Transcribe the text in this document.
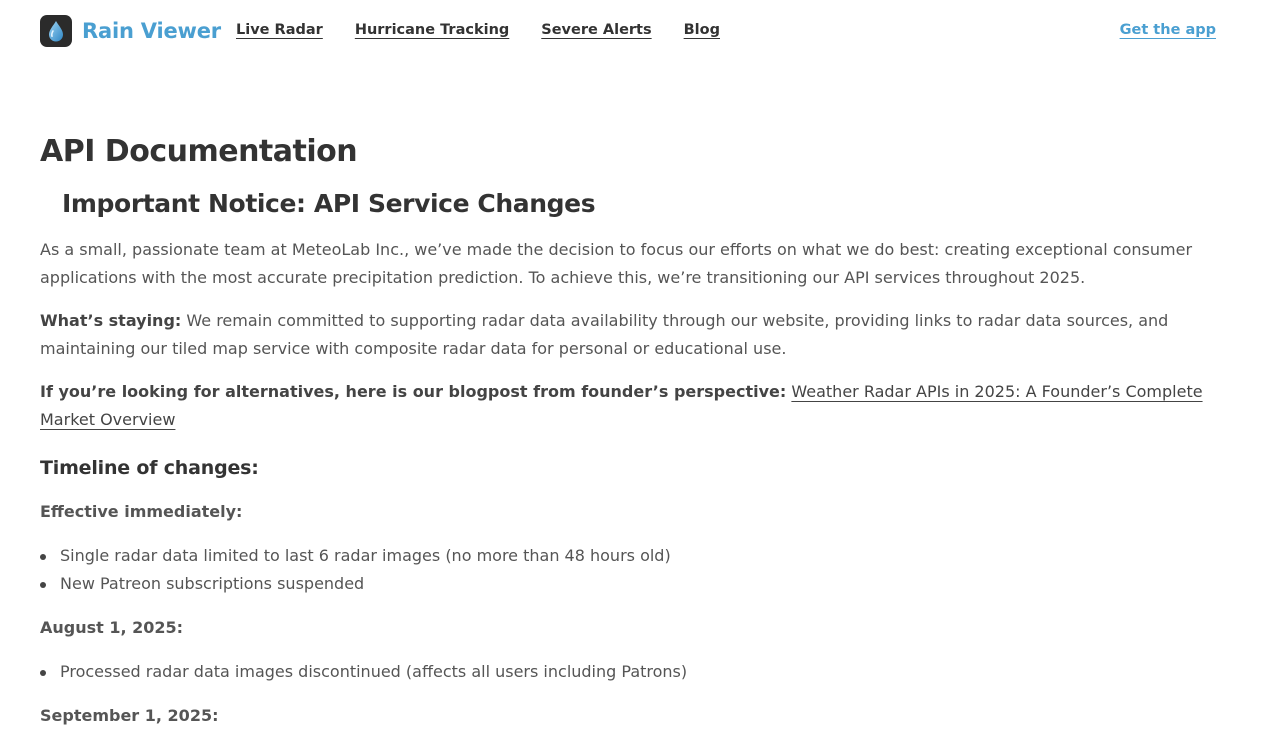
Rain Viewer Live Radar Hurricane Tracking Severe Alerts Blog	Get the app
API Documentation
Important Notice: API Service Changes

As a small, passionate team at MeteoLab Inc., we’ve made the decision to focus our efforts on what we do best: creating exceptional consumer applications with the most accurate precipitation prediction. To achieve this, we’re transitioning our API services throughout 2025.

What’s staying: We remain committed to supporting radar data availability through our website, providing links to radar data sources, and maintaining our tiled map service with composite radar data for personal or educational use.

If you’re looking for alternatives, here is our blogpost from founder’s perspective: Weather Radar APIs in 2025: A Founder’s Complete Market Overview

Timeline of changes:
Effective immediately:
Single radar data limited to last 6 radar images (no more than 48 hours old)
New Patreon subscriptions suspended
August 1, 2025:
Processed radar data images discontinued (affects all users including Patrons)
September 1, 2025:
